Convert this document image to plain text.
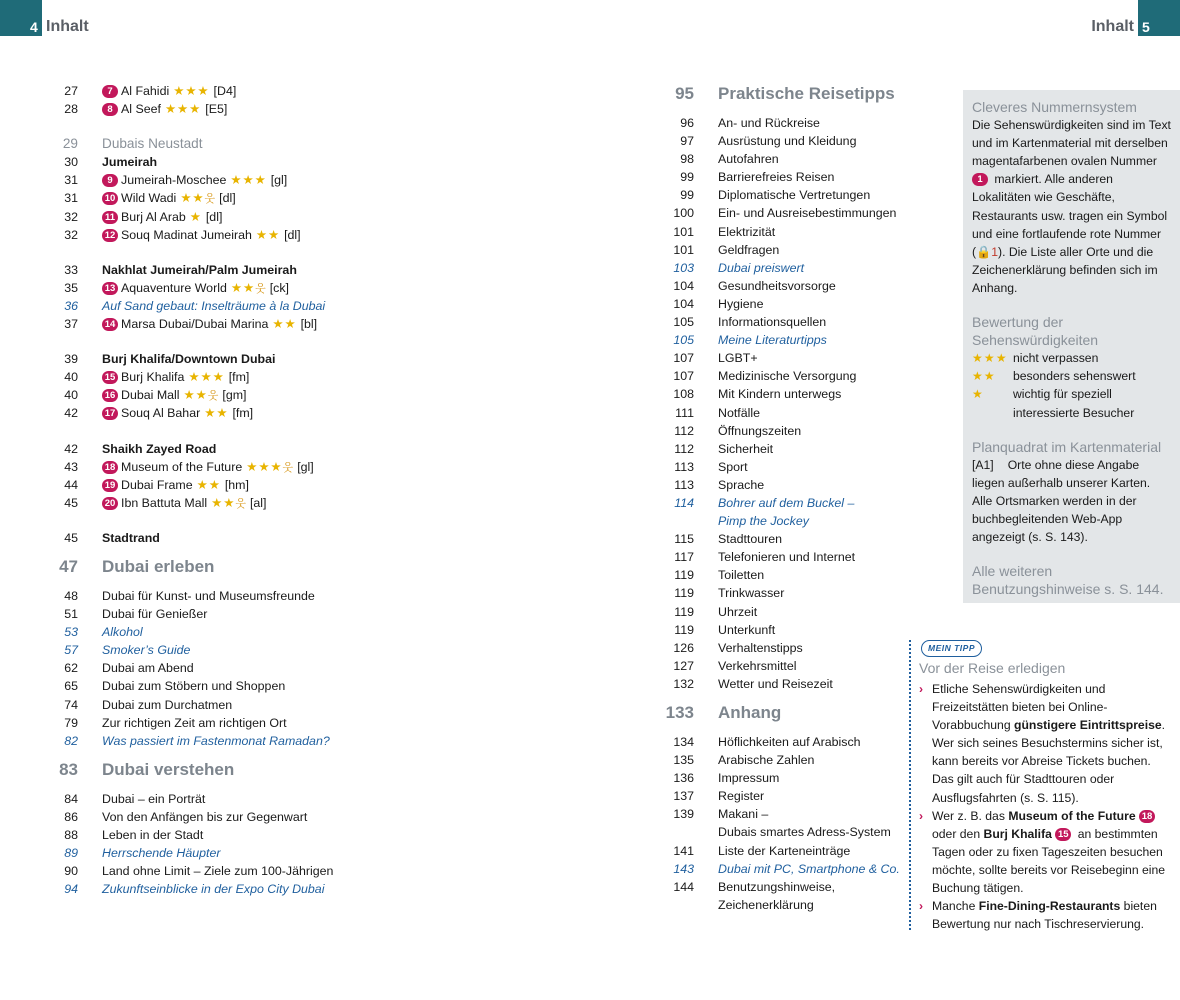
4 Inhalt	Inhalt 5
27	7 Al Fahidi ★★★ [D4]
28	8 Al Seef ★★★ [E5]
29 Dubais Neustadt
30 Jumeirah
31	9 Jumeirah-Moschee ★★★ [gl]
31	10 Wild Wadi ★★웃 [dl]
32	11 Burj Al Arab ★ [dl]
32	12 Souq Madinat Jumeirah ★★ [dl]
33 Nakhlat Jumeirah/Palm Jumeirah
35	13 Aquaventure World ★★웃 [ck]
36 Auf Sand gebaut: Inselträume à la Dubai
37	14 Marsa Dubai/Dubai Marina ★★ [bl]
39 Burj Khalifa/Downtown Dubai
40	15 Burj Khalifa ★★★ [fm]
40	16 Dubai Mall ★★웃 [gm]
42	17 Souq Al Bahar ★★ [fm]
42 Shaikh Zayed Road
43	18 Museum of the Future ★★★웃 [gl]
44	19 Dubai Frame ★★ [hm]
45	20 Ibn Battuta Mall ★★웃 [al]
45 Stadtrand
47 Dubai erleben
48 Dubai für Kunst- und Museumsfreunde
51 Dubai für Genießer
53 Alkohol
57 Smoker’s Guide
62 Dubai am Abend
65 Dubai zum Stöbern und Shoppen
74 Dubai zum Durchatmen
79 Zur richtigen Zeit am richtigen Ort
82 Was passiert im Fastenmonat Ramadan?
83 Dubai verstehen
84 Dubai – ein Porträt
86 Von den Anfängen bis zur Gegenwart
88 Leben in der Stadt
89 Herrschende Häupter
90 Land ohne Limit – Ziele zum 100-Jährigen
94 Zukunftseinblicke in der Expo City Dubai
95 Praktische Reisetipps
96 An- und Rückreise
97 Ausrüstung und Kleidung
98 Autofahren
99 Barrierefreies Reisen
99 Diplomatische Vertretungen
100 Ein- und Ausreisebestimmungen
101 Elektrizität
101 Geldfragen
103 Dubai preiswert
104 Gesundheitsvorsorge
104 Hygiene
105 Informationsquellen
105 Meine Literaturtipps
107 LGBT+
107 Medizinische Versorgung
108 Mit Kindern unterwegs
111 Notfälle
112 Öffnungszeiten
112 Sicherheit
113 Sport
113 Sprache
114 Bohrer auf dem Buckel –
Pimp the Jockey
115 Stadttouren
117 Telefonieren und Internet
119 Toiletten
119 Trinkwasser
119 Uhrzeit
119 Unterkunft
126 Verhaltenstipps
127 Verkehrsmittel
132 Wetter und Reisezeit
133 Anhang
134 Höflichkeiten auf Arabisch
135 Arabische Zahlen
136 Impressum
137 Register
139 Makani –
Dubais smartes Adress-System
141 Liste der Karteneinträge
143 Dubai mit PC, Smartphone & Co.
144 Benutzungshinweise,
Zeichenerklärung
Cleveres Nummernsystem

Die Sehenswürdigkeiten sind im Text und im Kartenmaterial mit derselben magentafarbenen ovalen Nummer 1 markiert. Alle anderen Lokalitäten wie Geschäfte, Restaurants usw. tragen ein Symbol und eine fortlaufende rote Nummer (🔒1). Die Liste aller Orte und die Zeichenerklärung befinden sich im Anhang.

Bewertung der Sehenswürdigkeiten
★★★ nicht verpassen
★★	besonders sehenswert
★	wichtig für speziell interessierte Besucher
Planquadrat im Kartenmaterial

[A1] Orte ohne diese Angabe liegen außerhalb unserer Karten. Alle Ortsmarken werden in der buchbegleitenden Web-App angezeigt (s. S. 143).

Alle weiteren Benutzungshinweise s. S. 144.
MEIN TIPP
Vor der Reise erledigen
› Etliche Sehenswürdigkeiten und Freizeitstätten bieten bei Online-Vorabbuchung günstigere Eintrittspreise. Wer sich seines Besuchstermins sicher ist, kann bereits vor Abreise Tickets buchen. Das gilt auch für Stadttouren oder Ausflugsfahrten (s. S. 115).
› Wer z. B. das Museum of the Future 18 oder den Burj Khalifa 15 an bestimmten Tagen oder zu fixen Tageszeiten besuchen möchte, sollte bereits vor Reisebeginn eine Buchung tätigen.
› Manche Fine-Dining-Restaurants bieten Bewertung nur nach Tischreservierung.
